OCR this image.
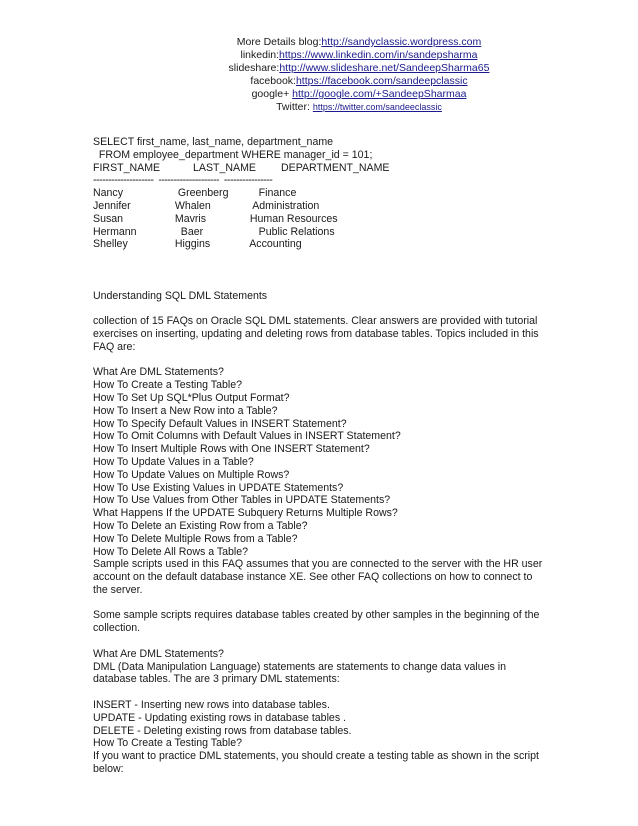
More Details blog:http://sandyclassic.wordpress.com
linkedin:https://www.linkedin.com/in/sandepsharma
slideshare:http://www.slideshare.net/SandeepSharma65
facebook:https://facebook.com/sandeepclassic
google+ http://google.com/+SandeepSharmaa
Twitter: https://twitter.com/sandeeclassic

SELECT first_name, last_name, department_name

FROM employee_department WHERE manager_id = 101;

FIRST_NAME	LAST_NAME	DEPARTMENT_NAME

--------------------  --------------------  ----------------

Nancy	Greenberg	Finance
Jennifer	Whalen	Administration
Susan	Mavris	Human Resources
Hermann	Baer	Public Relations
Shelley	Higgins	Accounting

Understanding SQL DML Statements

collection of 15 FAQs on Oracle SQL DML statements. Clear answers are provided with tutorial exercises on inserting, updating and deleting rows from database tables. Topics included in this FAQ are:

What Are DML Statements?

How To Create a Testing Table?

How To Set Up SQL*Plus Output Format?

How To Insert a New Row into a Table?

How To Specify Default Values in INSERT Statement?

How To Omit Columns with Default Values in INSERT Statement?

How To Insert Multiple Rows with One INSERT Statement?

How To Update Values in a Table?

How To Update Values on Multiple Rows?

How To Use Existing Values in UPDATE Statements?

How To Use Values from Other Tables in UPDATE Statements?

What Happens If the UPDATE Subquery Returns Multiple Rows?

How To Delete an Existing Row from a Table?

How To Delete Multiple Rows from a Table?

How To Delete All Rows a Table?

Sample scripts used in this FAQ assumes that you are connected to the server with the HR user account on the default database instance XE. See other FAQ collections on how to connect to the server.

Some sample scripts requires database tables created by other samples in the beginning of the collection.

What Are DML Statements?

DML (Data Manipulation Language) statements are statements to change data values in database tables. The are 3 primary DML statements:

INSERT - Inserting new rows into database tables.

UPDATE - Updating existing rows in database tables .

DELETE - Deleting existing rows from database tables.

How To Create a Testing Table?

If you want to practice DML statements, you should create a testing table as shown in the script below:
